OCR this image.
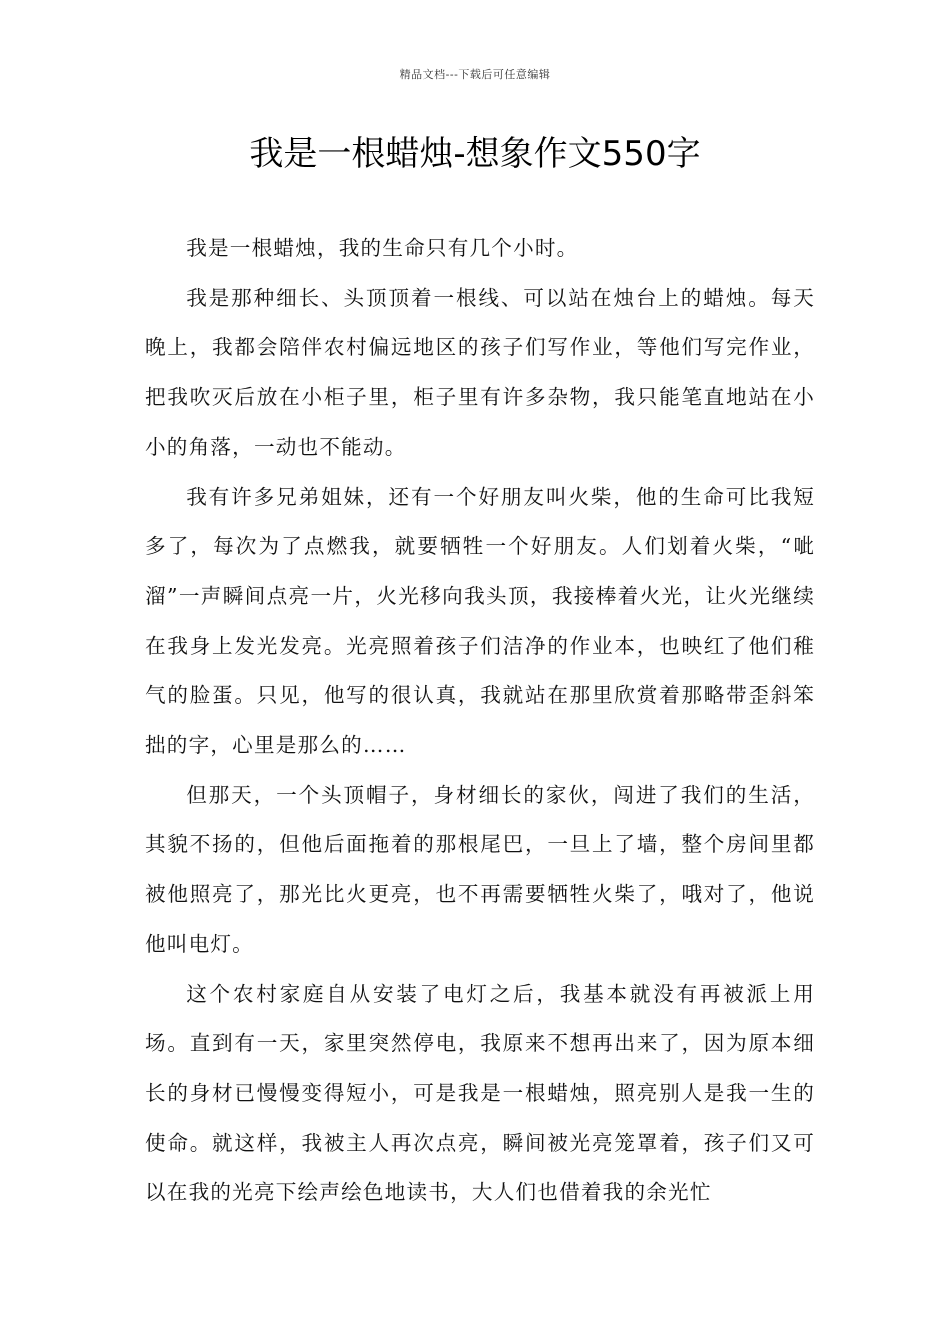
精品文档---下载后可任意编辑
我是一根蜡烛-想象作文550字

我是一根蜡烛，我的生命只有几个小时。

我是那种细长、头顶顶着一根线、可以站在烛台上的蜡烛。每天晚上，我都会陪伴农村偏远地区的孩子们写作业，等他们写完作业，把我吹灭后放在小柜子里，柜子里有许多杂物，我只能笔直地站在小小的角落，一动也不能动。

我有许多兄弟姐妹，还有一个好朋友叫火柴，他的生命可比我短多了，每次为了点燃我，就要牺牲一个好朋友。人们划着火柴，“呲溜”一声瞬间点亮一片，火光移向我头顶，我接棒着火光，让火光继续在我身上发光发亮。光亮照着孩子们洁净的作业本，也映红了他们稚气的脸蛋。只见，他写的很认真，我就站在那里欣赏着那略带歪斜笨拙的字，心里是那么的……

但那天，一个头顶帽子，身材细长的家伙，闯进了我们的生活，其貌不扬的，但他后面拖着的那根尾巴，一旦上了墙，整个房间里都被他照亮了，那光比火更亮，也不再需要牺牲火柴了，哦对了，他说他叫电灯。

这个农村家庭自从安装了电灯之后，我基本就没有再被派上用场。直到有一天，家里突然停电，我原来不想再出来了，因为原本细长的身材已慢慢变得短小，可是我是一根蜡烛，照亮别人是我一生的使命。就这样，我被主人再次点亮，瞬间被光亮笼罩着，孩子们又可以在我的光亮下绘声绘色地读书，大人们也借着我的余光忙
